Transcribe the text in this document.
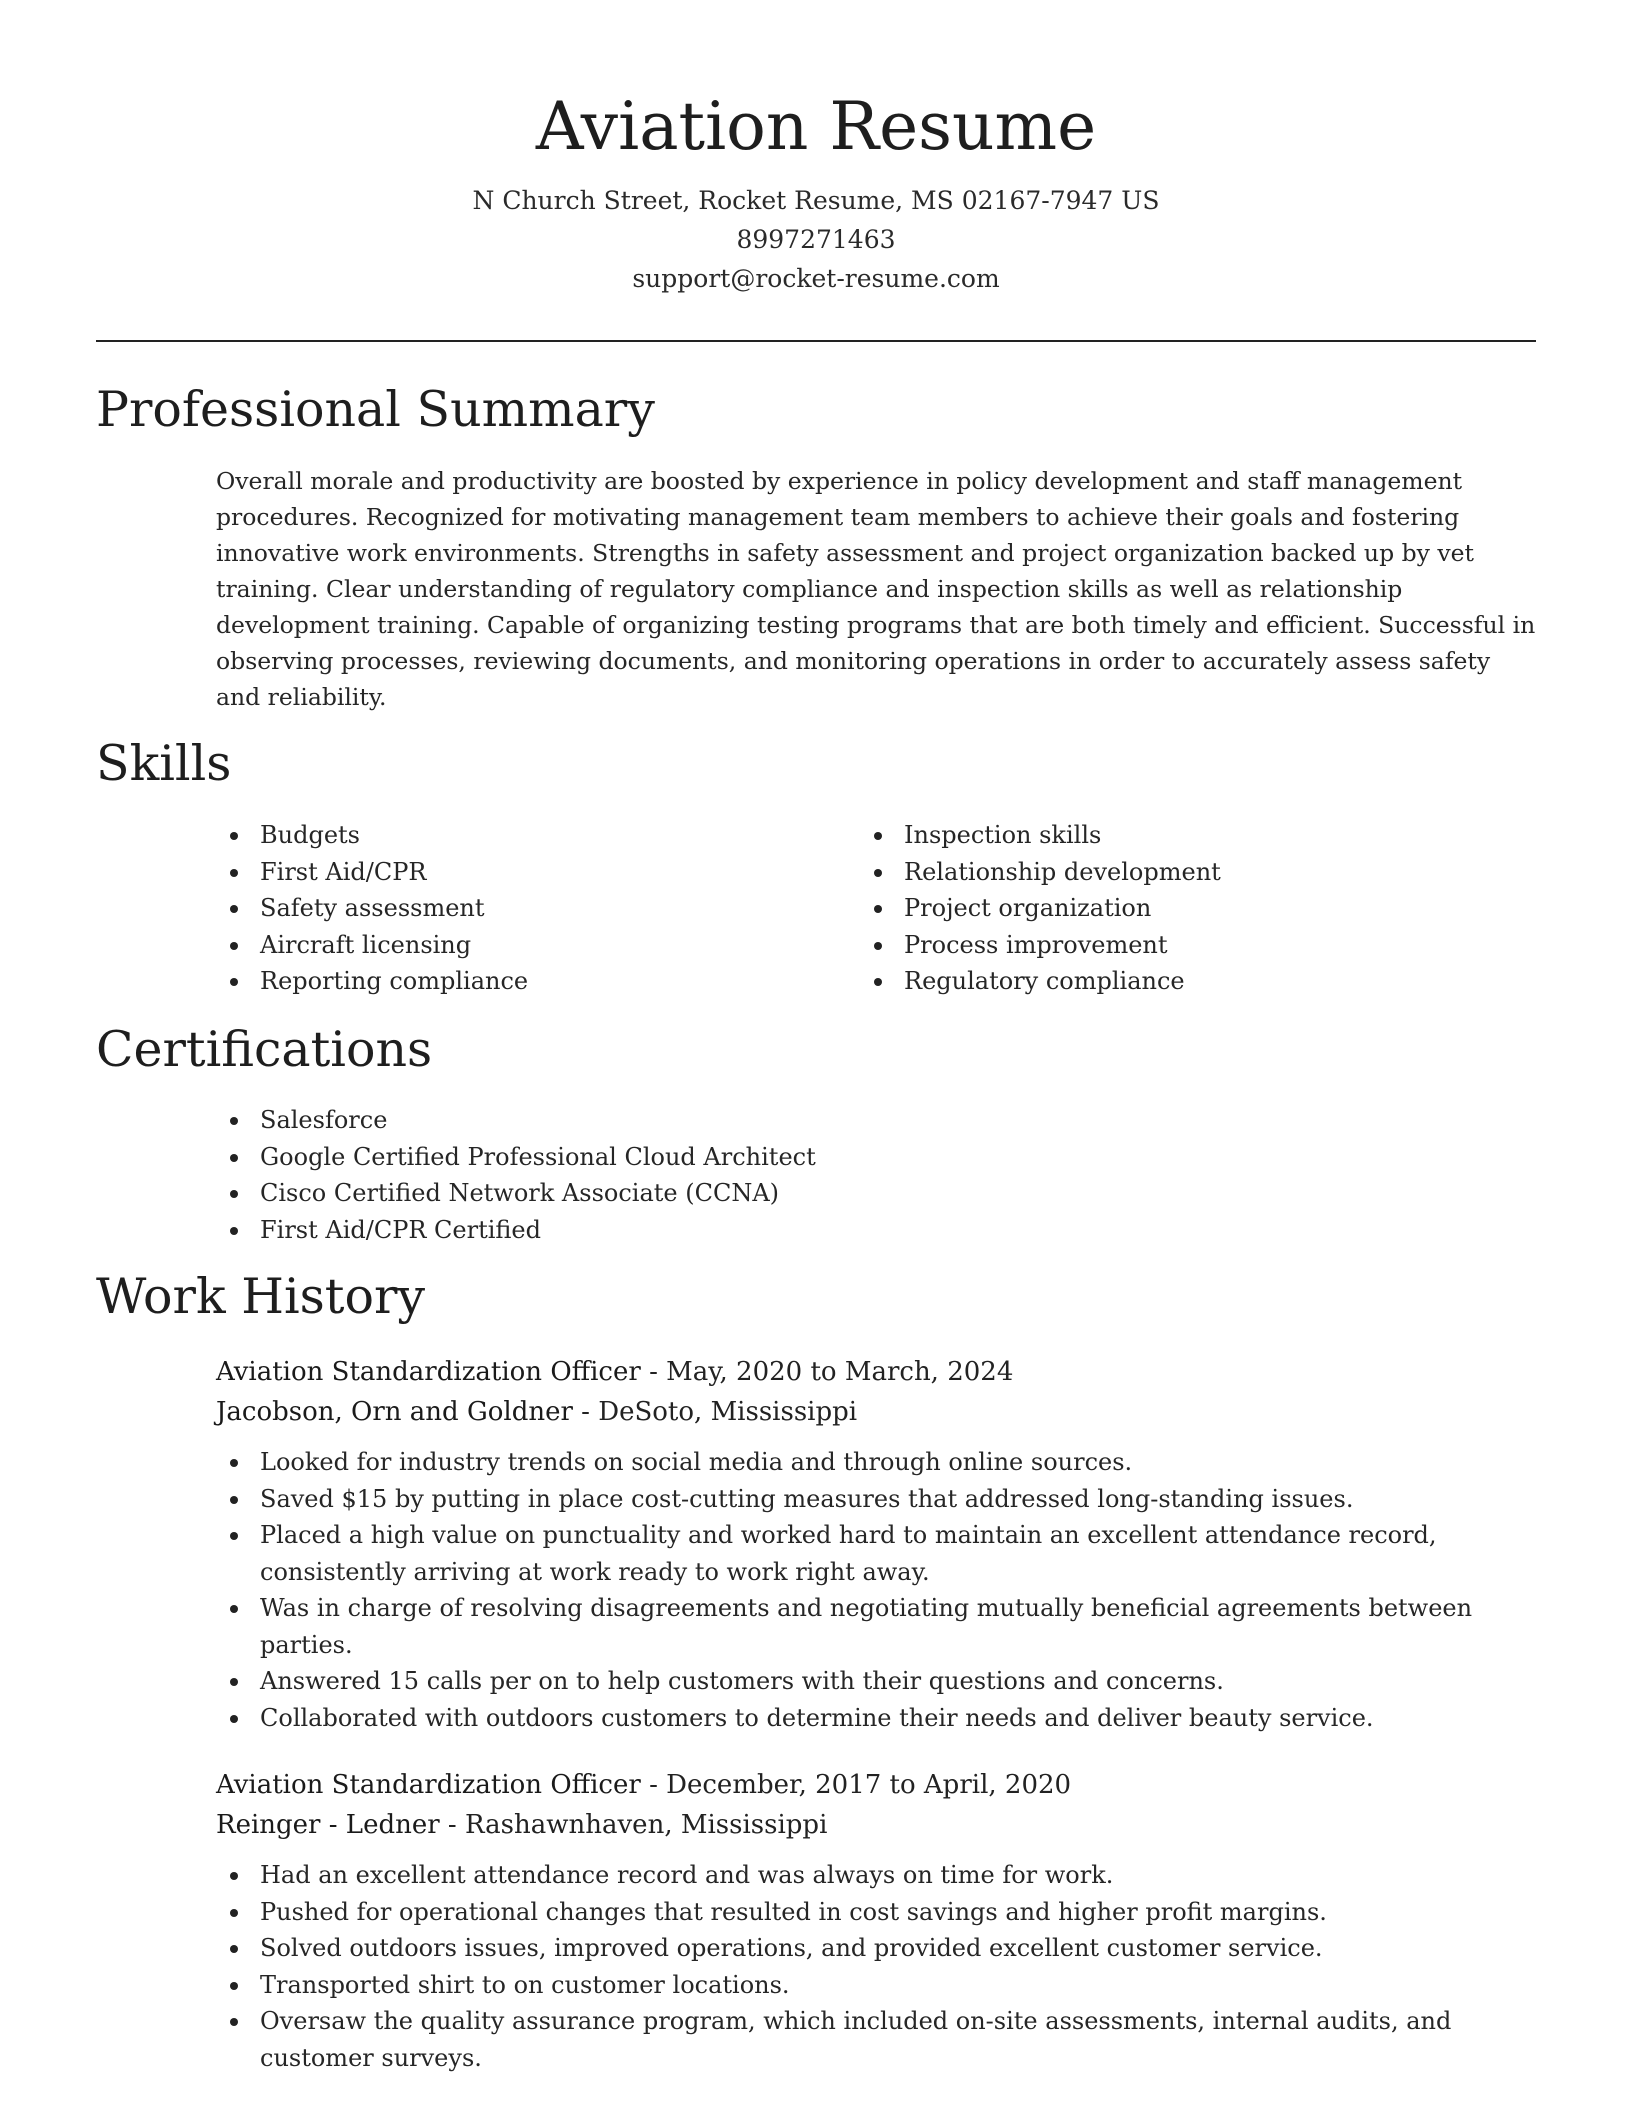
Aviation Resume
N Church Street, Rocket Resume, MS 02167-7947 US
8997271463
support@rocket-resume.com
Professional Summary

Overall morale and productivity are boosted by experience in policy development and staff management procedures. Recognized for motivating management team members to achieve their goals and fostering innovative work environments. Strengths in safety assessment and project organization backed up by vet training. Clear understanding of regulatory compliance and inspection skills as well as relationship development training. Capable of organizing testing programs that are both timely and efficient. Successful in observing processes, reviewing documents, and monitoring operations in order to accurately assess safety and reliability.

Skills
Budgets
First Aid/CPR
Safety assessment
Aircraft licensing
Reporting compliance
Inspection skills
Relationship development
Project organization
Process improvement
Regulatory compliance
Certifications
Salesforce
Google Certified Professional Cloud Architect
Cisco Certified Network Associate (CCNA)
First Aid/CPR Certified
Work History
Aviation Standardization Officer - May, 2020 to March, 2024
Jacobson, Orn and Goldner - DeSoto, Mississippi
Looked for industry trends on social media and through online sources.
Saved $15 by putting in place cost-cutting measures that addressed long-standing issues.
Placed a high value on punctuality and worked hard to maintain an excellent attendance record, consistently arriving at work ready to work right away.
Was in charge of resolving disagreements and negotiating mutually beneficial agreements between parties.
Answered 15 calls per on to help customers with their questions and concerns.
Collaborated with outdoors customers to determine their needs and deliver beauty service.
Aviation Standardization Officer - December, 2017 to April, 2020
Reinger - Ledner - Rashawnhaven, Mississippi
Had an excellent attendance record and was always on time for work.
Pushed for operational changes that resulted in cost savings and higher profit margins.
Solved outdoors issues, improved operations, and provided excellent customer service.
Transported shirt to on customer locations.
Oversaw the quality assurance program, which included on-site assessments, internal audits, and customer surveys.
